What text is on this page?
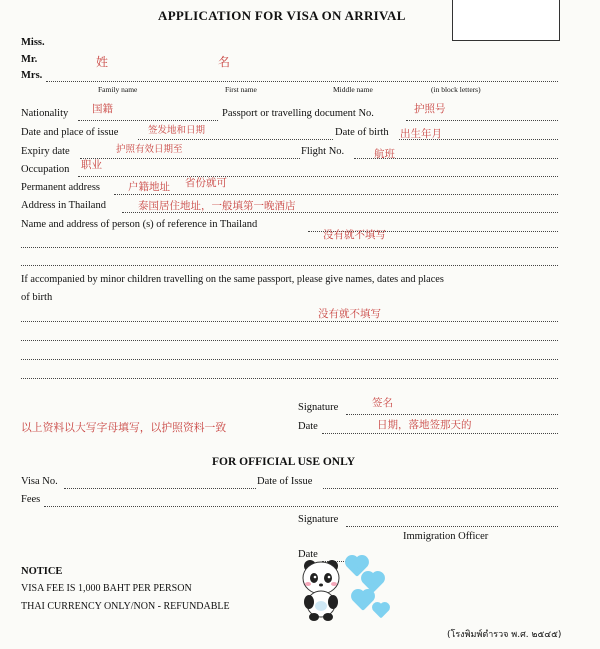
APPLICATION FOR VISA ON ARRIVAL
Miss.
Mr.
Mrs.
姓	名
Family name	First name	Middle name	(in block letters)
Nationality 国籍	Passport or travelling document No.	护照号
Date and place of issue	签发地和日期	Date of birth 出生年月
Expiry date	护照有效日期至	Flight No.	航班
Occupation 职业
Permanent address	户籍地址 省份就可
Address in Thailand	泰国居住地址，一般填第一晚酒店
Name and address of person (s) of reference in Thailand
没有就不填写
If accompanied by minor children travelling on the same passport, please give names, dates and places
of birth
没有就不填写
Signature	签名
以上资料以大写字母填写，以护照资料一致	Date	日期，落地签那天的
FOR OFFICIAL USE ONLY
Visa No.	Date of Issue
Fees
Signature
Immigration Officer
Date
NOTICE
VISA FEE IS 1,000 BAHT PER PERSON
THAI CURRENCY ONLY/NON - REFUNDABLE
(โรงพิมพ์ตำรวจ พ.ศ. ๒๕๔๕)
